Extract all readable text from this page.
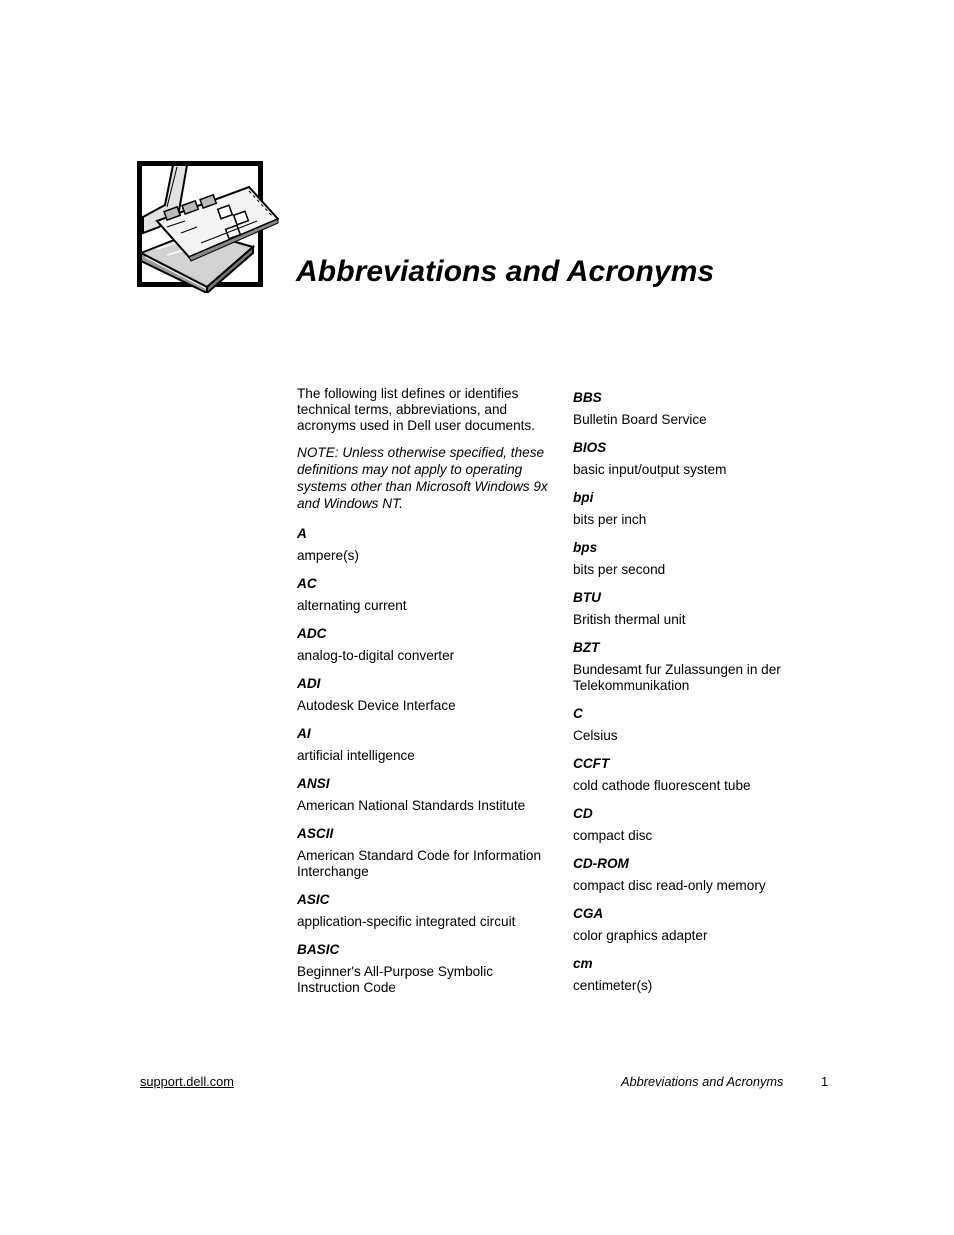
Abbreviations and Acronyms

The following list defines or identifies technical terms, abbreviations, and acronyms used in Dell user documents.

NOTE: Unless otherwise specified, these definitions may not apply to operating systems other than Microsoft Windows 9x and Windows NT.

A
ampere(s)
AC
alternating current
ADC
analog-to-digital converter
ADI
Autodesk Device Interface
AI
artificial intelligence
ANSI
American National Standards Institute
ASCII
American Standard Code for Information Interchange
ASIC
application-specific integrated circuit
BASIC
Beginner's All-Purpose Symbolic Instruction Code
BBS
Bulletin Board Service
BIOS
basic input/output system
bpi
bits per inch
bps
bits per second
BTU
British thermal unit
BZT
Bundesamt fur Zulassungen in der Telekommunikation
C
Celsius
CCFT
cold cathode fluorescent tube
CD
compact disc
CD-ROM
compact disc read-only memory
CGA
color graphics adapter
cm
centimeter(s)
support.dell.com	Abbreviations and Acronyms	1
